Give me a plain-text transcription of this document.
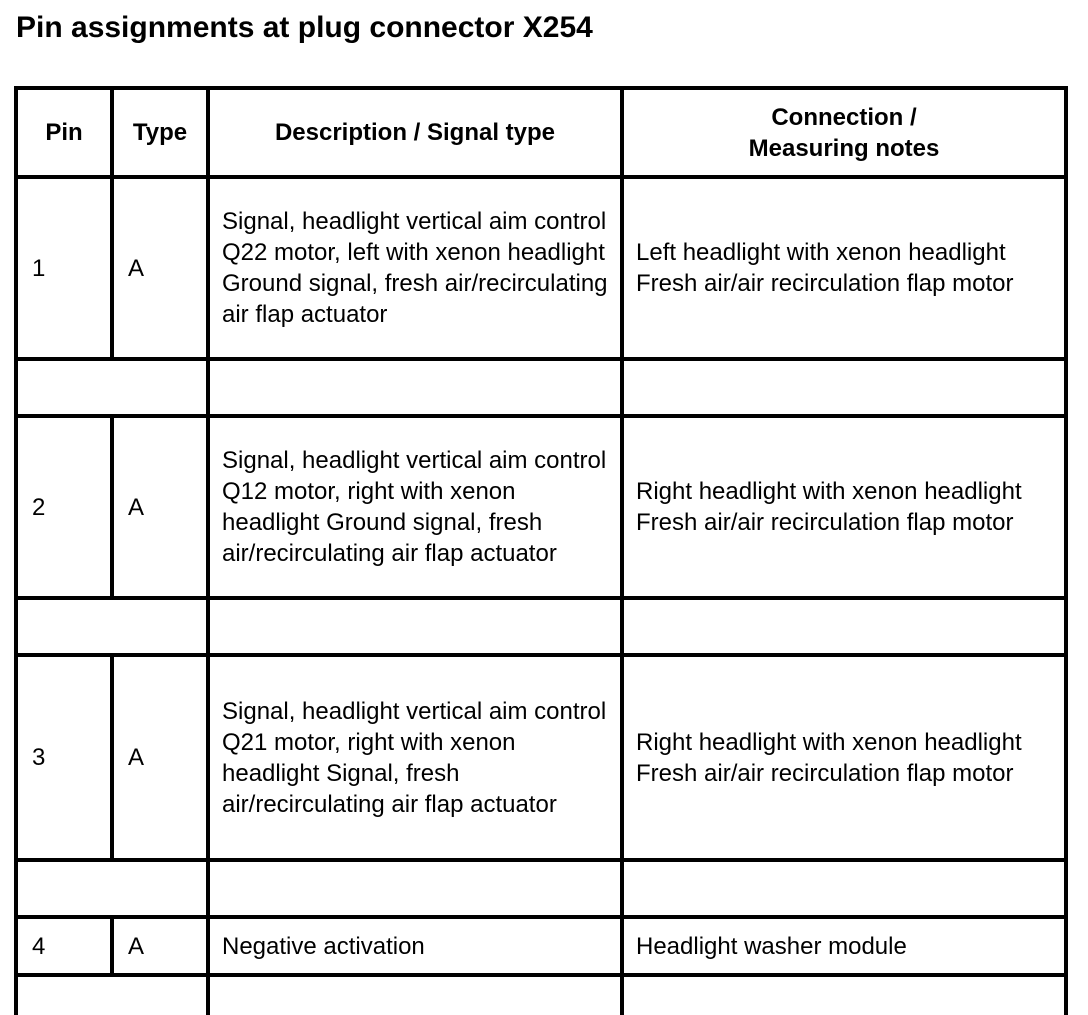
Pin assignments at plug connector X254
Pin	Type	Description / Signal type	Connection /
Measuring notes
1	A	Signal, headlight vertical aim control Q22 motor, left with xenon headlight Ground signal, fresh air/recirculating air flap actuator	Left headlight with xenon headlight Fresh air/air recirculation flap motor

2	A	Signal, headlight vertical aim control Q12 motor, right with xenon headlight Ground signal, fresh air/recirculating air flap actuator	Right headlight with xenon headlight Fresh air/air recirculation flap motor

3	A	Signal, headlight vertical aim control Q21 motor, right with xenon headlight Signal, fresh air/recirculating air flap actuator	Right headlight with xenon headlight Fresh air/air recirculation flap motor

4	A	Negative activation	Headlight washer module
